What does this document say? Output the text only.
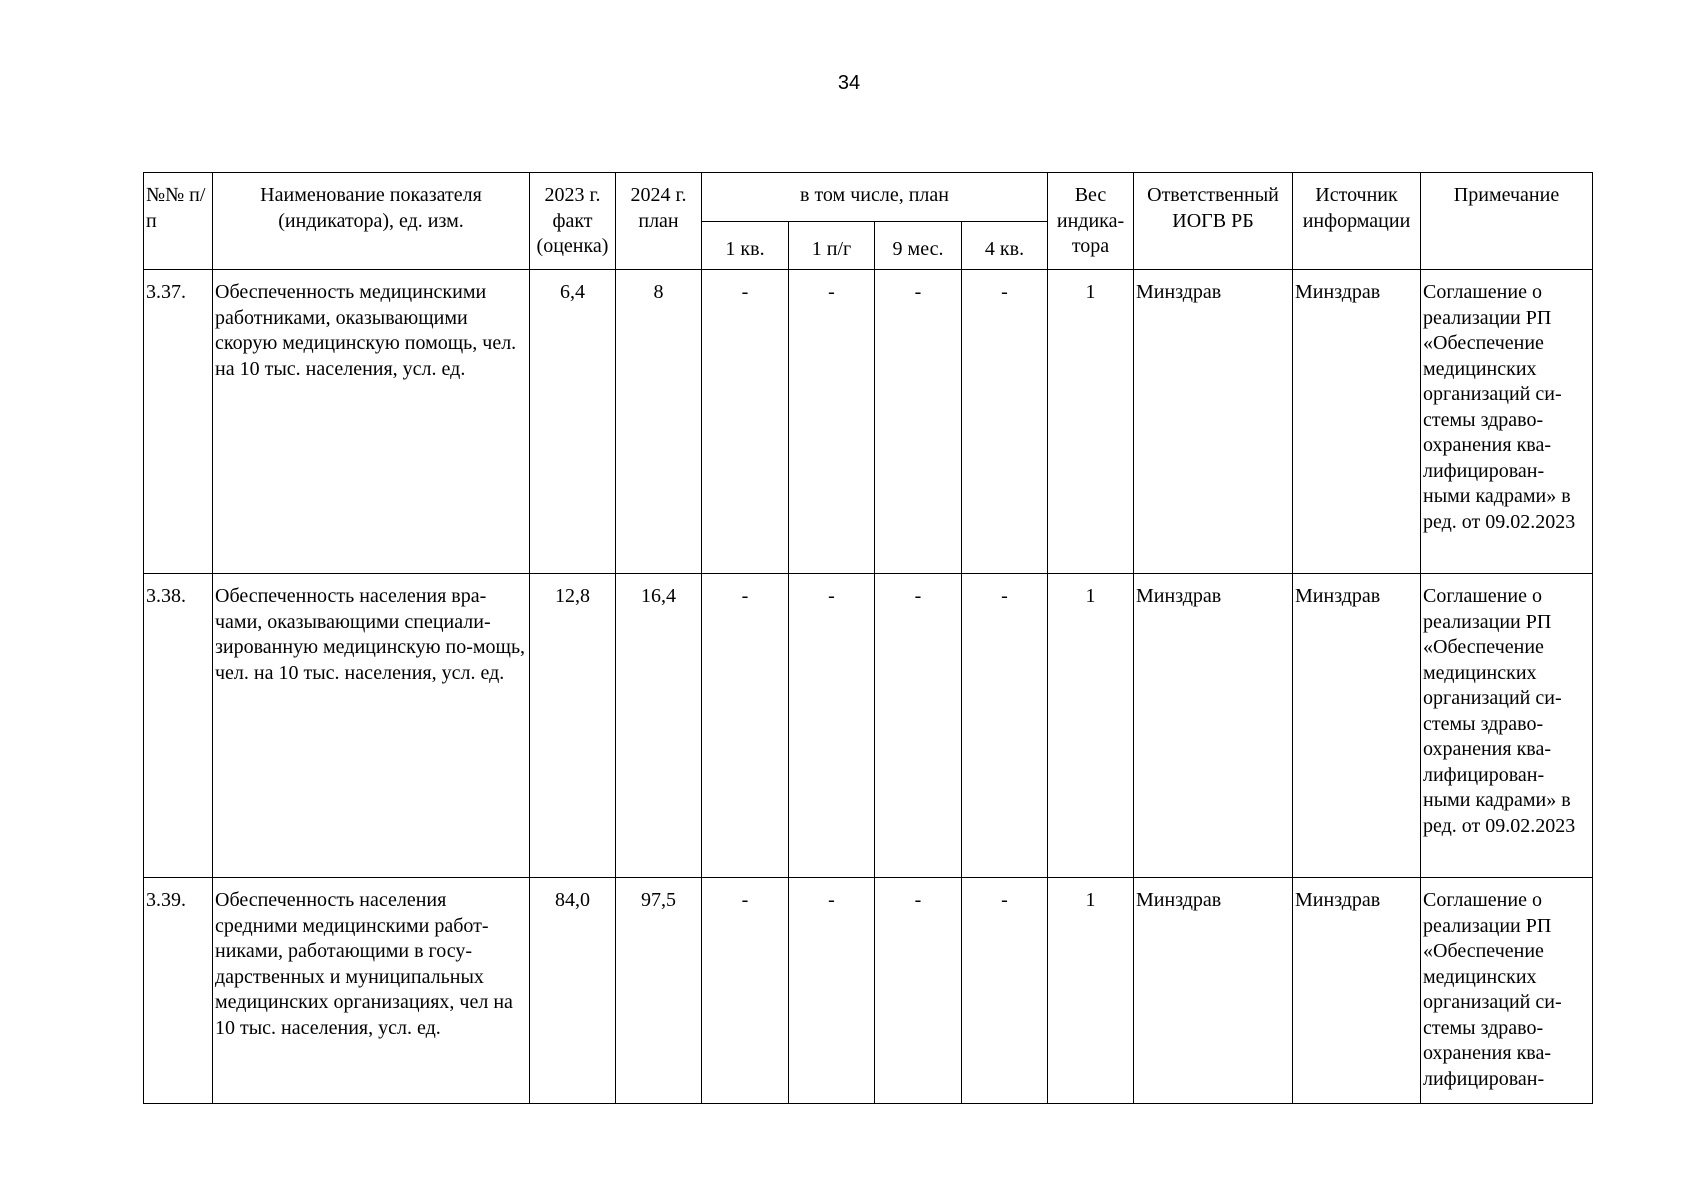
34
№№ п/п	Наименование показателя (индикатора), ед. изм.	2023 г. факт (оценка)	2024 г. план	в том числе, план				Вес индика-тора	Ответственный ИОГВ РБ	Источник информации	Примечание
				1 кв.	1 п/г	9 мес.	4 кв.				
3.37.	Обеспеченность медицинскими работниками, оказывающими скорую медицинскую помощь, чел. на 10 тыс. населения, усл. ед.	6,4	8	-	-	-	-	1	Минздрав	Минздрав	Соглашение о реализации РП «Обеспечение медицинских организаций си-стемы здраво-охранения ква-лифицирован-ными кадрами» в ред. от 09.02.2023
3.38.	Обеспеченность населения вра-чами, оказывающими специали-зированную медицинскую по-мощь, чел. на 10 тыс. населения, усл. ед.	12,8	16,4	-	-	-	-	1	Минздрав	Минздрав	Соглашение о реализации РП «Обеспечение медицинских организаций си-стемы здраво-охранения ква-лифицирован-ными кадрами» в ред. от 09.02.2023
3.39.	Обеспеченность населения средними медицинскими работ-никами, работающими в госу-дарственных и муниципальных медицинских организациях, чел на 10 тыс. населения, усл. ед.	84,0	97,5	-	-	-	-	1	Минздрав	Минздрав	Соглашение о реализации РП «Обеспечение медицинских организаций си-стемы здраво-охранения ква-лифицирован-
